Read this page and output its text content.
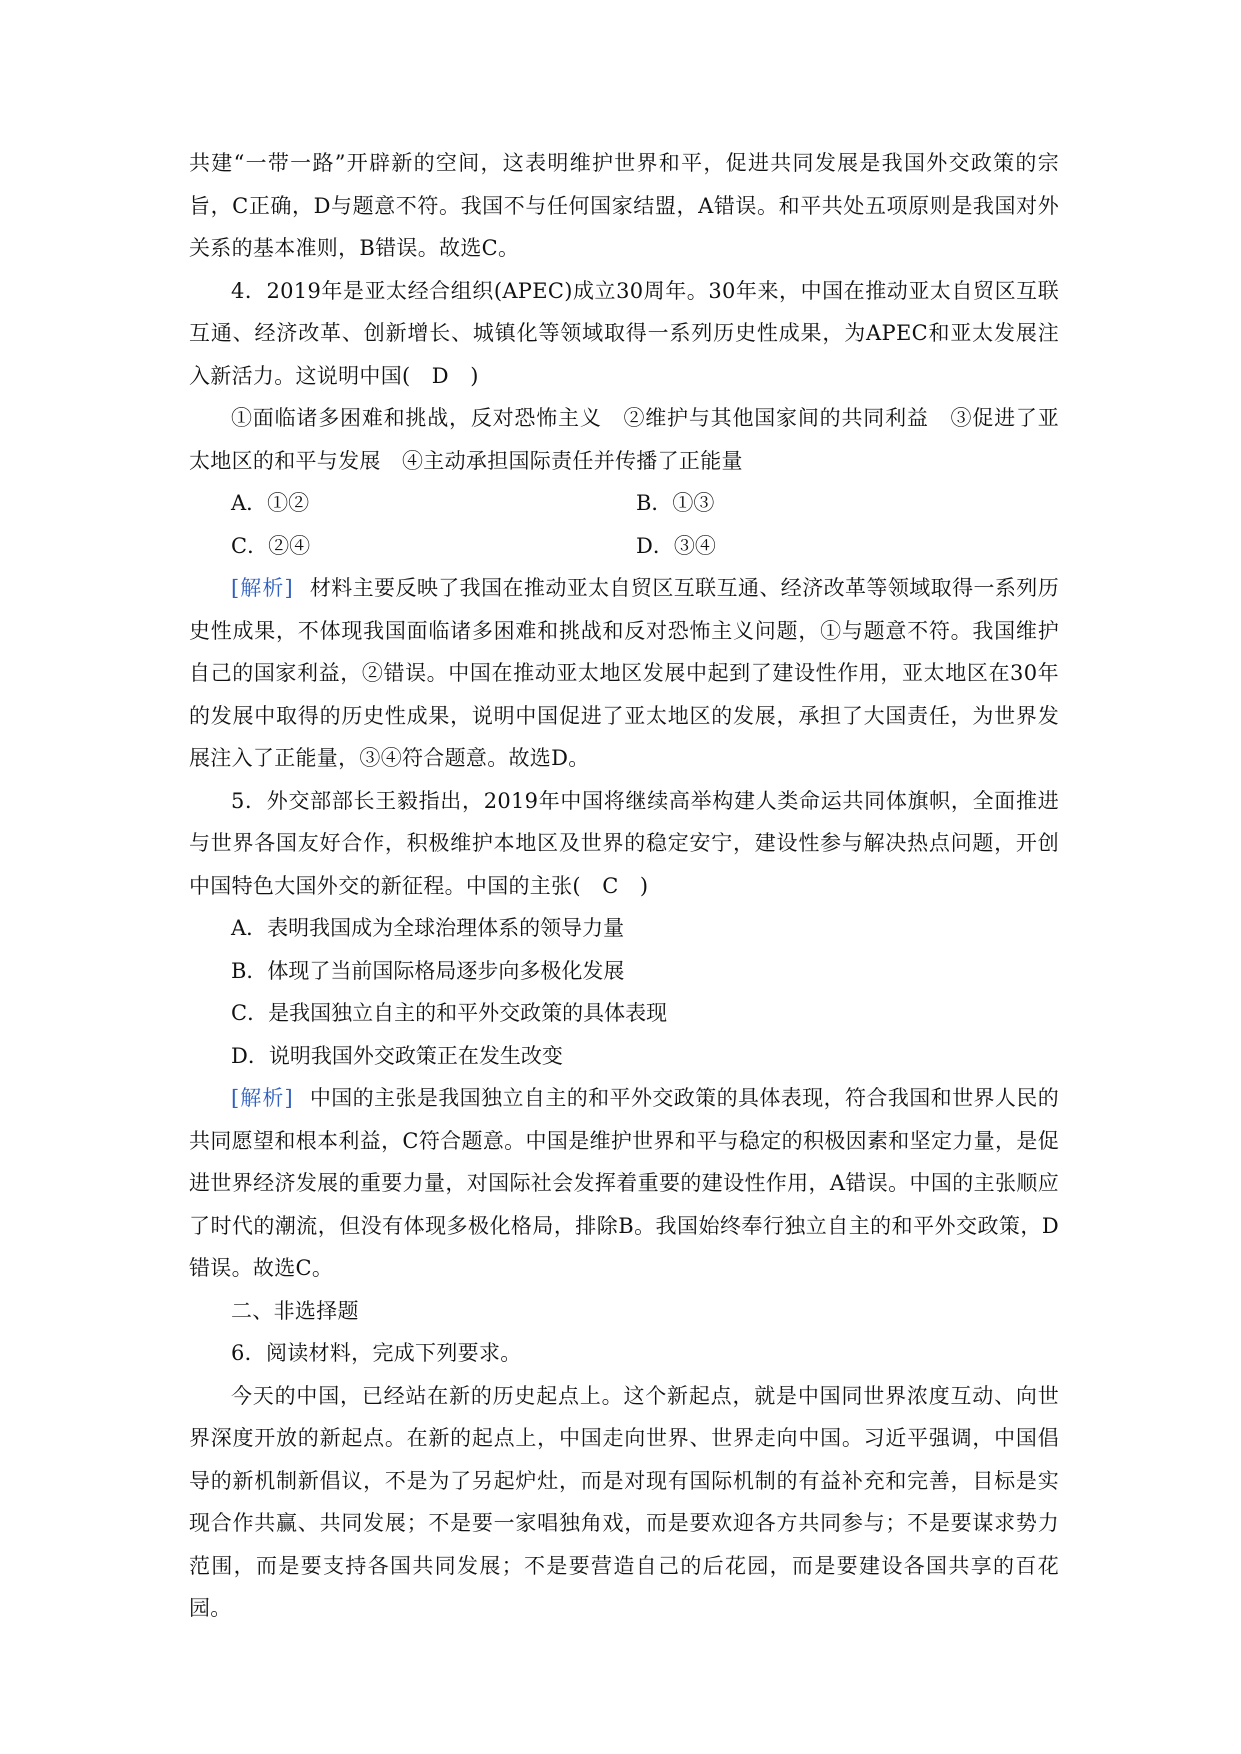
共建“一带一路”开辟新的空间，这表明维护世界和平，促进共同发展是我国外交政策的宗旨，C正确，D与题意不符。我国不与任何国家结盟，A错误。和平共处五项原则是我国对外关系的基本准则，B错误。故选C。

4．2019年是亚太经合组织(APEC)成立30周年。30年来，中国在推动亚太自贸区互联互通、经济改革、创新增长、城镇化等领域取得一系列历史性成果，为APEC和亚太发展注入新活力。这说明中国(　D　)

①面临诸多困难和挑战，反对恐怖主义　②维护与其他国家间的共同利益　③促进了亚太地区的和平与发展　④主动承担国际责任并传播了正能量

A．①②	B．①③
C．②④	D．③④

[解析] 材料主要反映了我国在推动亚太自贸区互联互通、经济改革等领域取得一系列历史性成果，不体现我国面临诸多困难和挑战和反对恐怖主义问题，①与题意不符。我国维护自己的国家利益，②错误。中国在推动亚太地区发展中起到了建设性作用，亚太地区在30年的发展中取得的历史性成果，说明中国促进了亚太地区的发展，承担了大国责任，为世界发展注入了正能量，③④符合题意。故选D。

5．外交部部长王毅指出，2019年中国将继续高举构建人类命运共同体旗帜，全面推进与世界各国友好合作，积极维护本地区及世界的稳定安宁，建设性参与解决热点问题，开创中国特色大国外交的新征程。中国的主张(　C　)

A．表明我国成为全球治理体系的领导力量

B．体现了当前国际格局逐步向多极化发展

C．是我国独立自主的和平外交政策的具体表现

D．说明我国外交政策正在发生改变

[解析] 中国的主张是我国独立自主的和平外交政策的具体表现，符合我国和世界人民的共同愿望和根本利益，C符合题意。中国是维护世界和平与稳定的积极因素和坚定力量，是促进世界经济发展的重要力量，对国际社会发挥着重要的建设性作用，A错误。中国的主张顺应了时代的潮流，但没有体现多极化格局，排除B。我国始终奉行独立自主的和平外交政策，D错误。故选C。

二、非选择题

6．阅读材料，完成下列要求。

今天的中国，已经站在新的历史起点上。这个新起点，就是中国同世界浓度互动、向世界深度开放的新起点。在新的起点上，中国走向世界、世界走向中国。习近平强调，中国倡导的新机制新倡议，不是为了另起炉灶，而是对现有国际机制的有益补充和完善，目标是实现合作共赢、共同发展；不是要一家唱独角戏，而是要欢迎各方共同参与；不是要谋求势力范围，而是要支持各国共同发展；不是要营造自己的后花园，而是要建设各国共享的百花园。
